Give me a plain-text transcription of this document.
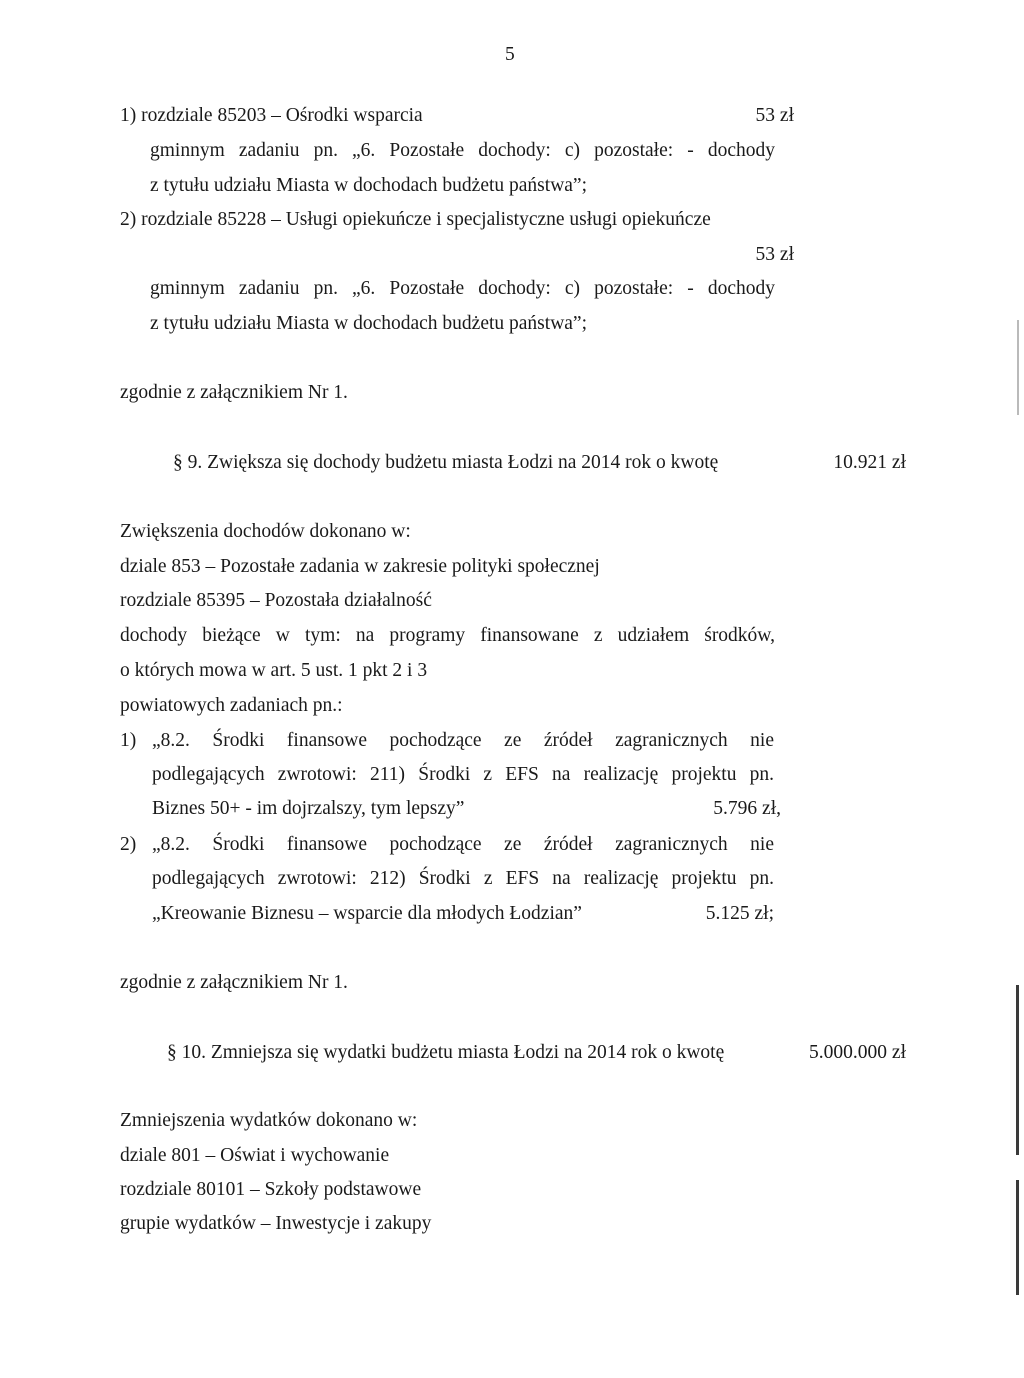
5
1) rozdziale 85203 – Ośrodki wsparcia	53 zł
gminnym zadaniu pn. „6. Pozostałe dochody: c) pozostałe: - dochody
z tytułu udziału Miasta w dochodach budżetu państwa”;
2) rozdziale 85228 – Usługi opiekuńcze i specjalistyczne usługi opiekuńcze
53 zł
gminnym zadaniu pn. „6. Pozostałe dochody: c) pozostałe: - dochody
z tytułu udziału Miasta w dochodach budżetu państwa”;
zgodnie z załącznikiem Nr 1.
§ 9. Zwiększa się dochody budżetu miasta Łodzi na 2014 rok o kwotę	10.921 zł
Zwiększenia dochodów dokonano w:
dziale 853 – Pozostałe zadania w zakresie polityki społecznej
rozdziale 85395 – Pozostała działalność
dochody bieżące w tym: na programy finansowane z udziałem środków,
o których mowa w art. 5 ust. 1 pkt 2 i 3
powiatowych zadaniach pn.:
1) „8.2. Środki finansowe pochodzące ze źródeł zagranicznych nie
podlegających zwrotowi: 211) Środki z EFS na realizację projektu pn.
Biznes 50+ - im dojrzalszy, tym lepszy”	5.796 zł,
2) „8.2. Środki finansowe pochodzące ze źródeł zagranicznych nie
podlegających zwrotowi: 212) Środki z EFS na realizację projektu pn.
„Kreowanie Biznesu – wsparcie dla młodych Łodzian”	5.125 zł;
zgodnie z załącznikiem Nr 1.
§ 10. Zmniejsza się wydatki budżetu miasta Łodzi na 2014 rok o kwotę	5.000.000 zł
Zmniejszenia wydatków dokonano w:
dziale 801 – Oświat i wychowanie
rozdziale 80101 – Szkoły podstawowe
grupie wydatków – Inwestycje i zakupy
